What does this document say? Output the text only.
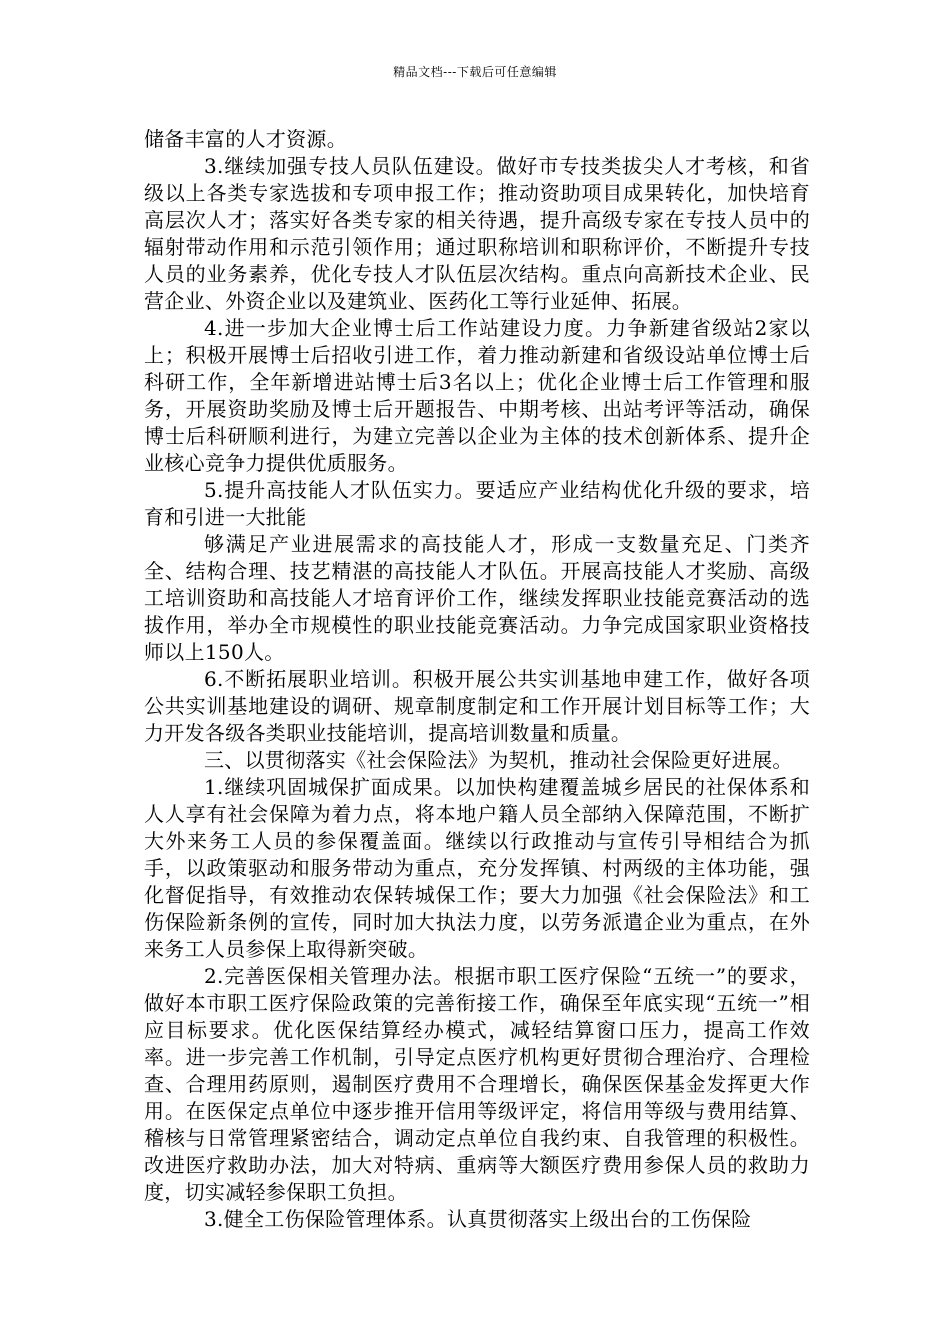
精品文档---下载后可任意编辑

储备丰富的人才资源。

3.继续加强专技人员队伍建设。做好市专技类拔尖人才考核，和省级以上各类专家选拔和专项申报工作；推动资助项目成果转化，加快培育高层次人才；落实好各类专家的相关待遇，提升高级专家在专技人员中的辐射带动作用和示范引领作用；通过职称培训和职称评价，不断提升专技人员的业务素养，优化专技人才队伍层次结构。重点向高新技术企业、民营企业、外资企业以及建筑业、医药化工等行业延伸、拓展。

4.进一步加大企业博士后工作站建设力度。力争新建省级站2家以上；积极开展博士后招收引进工作，着力推动新建和省级设站单位博士后科研工作，全年新增进站博士后3名以上；优化企业博士后工作管理和服务，开展资助奖励及博士后开题报告、中期考核、出站考评等活动，确保博士后科研顺利进行，为建立完善以企业为主体的技术创新体系、提升企业核心竞争力提供优质服务。

5.提升高技能人才队伍实力。要适应产业结构优化升级的要求，培育和引进一大批能

够满足产业进展需求的高技能人才，形成一支数量充足、门类齐全、结构合理、技艺精湛的高技能人才队伍。开展高技能人才奖励、高级工培训资助和高技能人才培育评价工作，继续发挥职业技能竞赛活动的选拔作用，举办全市规模性的职业技能竞赛活动。力争完成国家职业资格技师以上150人。

6.不断拓展职业培训。积极开展公共实训基地申建工作，做好各项公共实训基地建设的调研、规章制度制定和工作开展计划目标等工作；大力开发各级各类职业技能培训，提高培训数量和质量。

三、以贯彻落实《社会保险法》为契机，推动社会保险更好进展。

1.继续巩固城保扩面成果。以加快构建覆盖城乡居民的社保体系和人人享有社会保障为着力点，将本地户籍人员全部纳入保障范围，不断扩大外来务工人员的参保覆盖面。继续以行政推动与宣传引导相结合为抓手，以政策驱动和服务带动为重点，充分发挥镇、村两级的主体功能，强化督促指导，有效推动农保转城保工作；要大力加强《社会保险法》和工伤保险新条例的宣传，同时加大执法力度，以劳务派遣企业为重点，在外来务工人员参保上取得新突破。

2.完善医保相关管理办法。根据市职工医疗保险“五统一”的要求，做好本市职工医疗保险政策的完善衔接工作，确保至年底实现“五统一”相应目标要求。优化医保结算经办模式，减轻结算窗口压力，提高工作效率。进一步完善工作机制，引导定点医疗机构更好贯彻合理治疗、合理检查、合理用药原则，遏制医疗费用不合理增长，确保医保基金发挥更大作用。在医保定点单位中逐步推开信用等级评定，将信用等级与费用结算、稽核与日常管理紧密结合，调动定点单位自我约束、自我管理的积极性。改进医疗救助办法，加大对特病、重病等大额医疗费用参保人员的救助力度，切实减轻参保职工负担。

3.健全工伤保险管理体系。认真贯彻落实上级出台的工伤保险
